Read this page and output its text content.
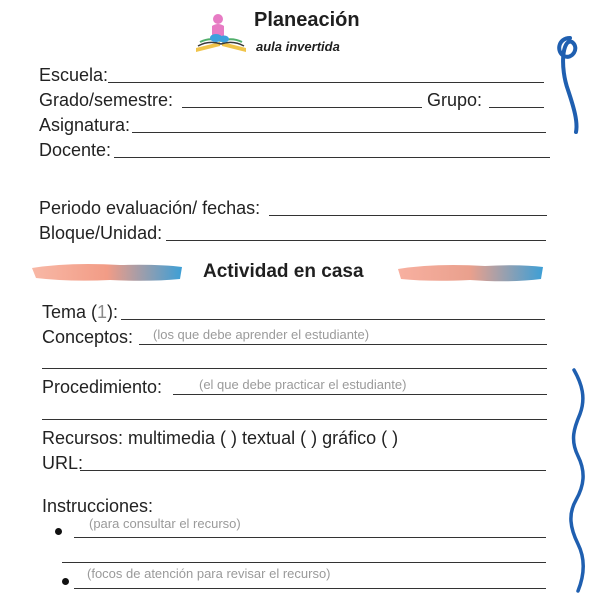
Planeación
aula invertida
Escuela:
Grado/semestre:	Grupo:
Asignatura:
Docente:
Periodo evaluación/ fechas:
Bloque/Unidad:
Actividad en casa
Tema (1):
Conceptos: (los que debe aprender el estudiante)
Procedimiento:	(el que debe practicar el estudiante)
Recursos: multimedia ( ) textual ( ) gráfico ( )
URL:
Instrucciones:
(para consultar el recurso)
(focos de atención para revisar el recurso)
